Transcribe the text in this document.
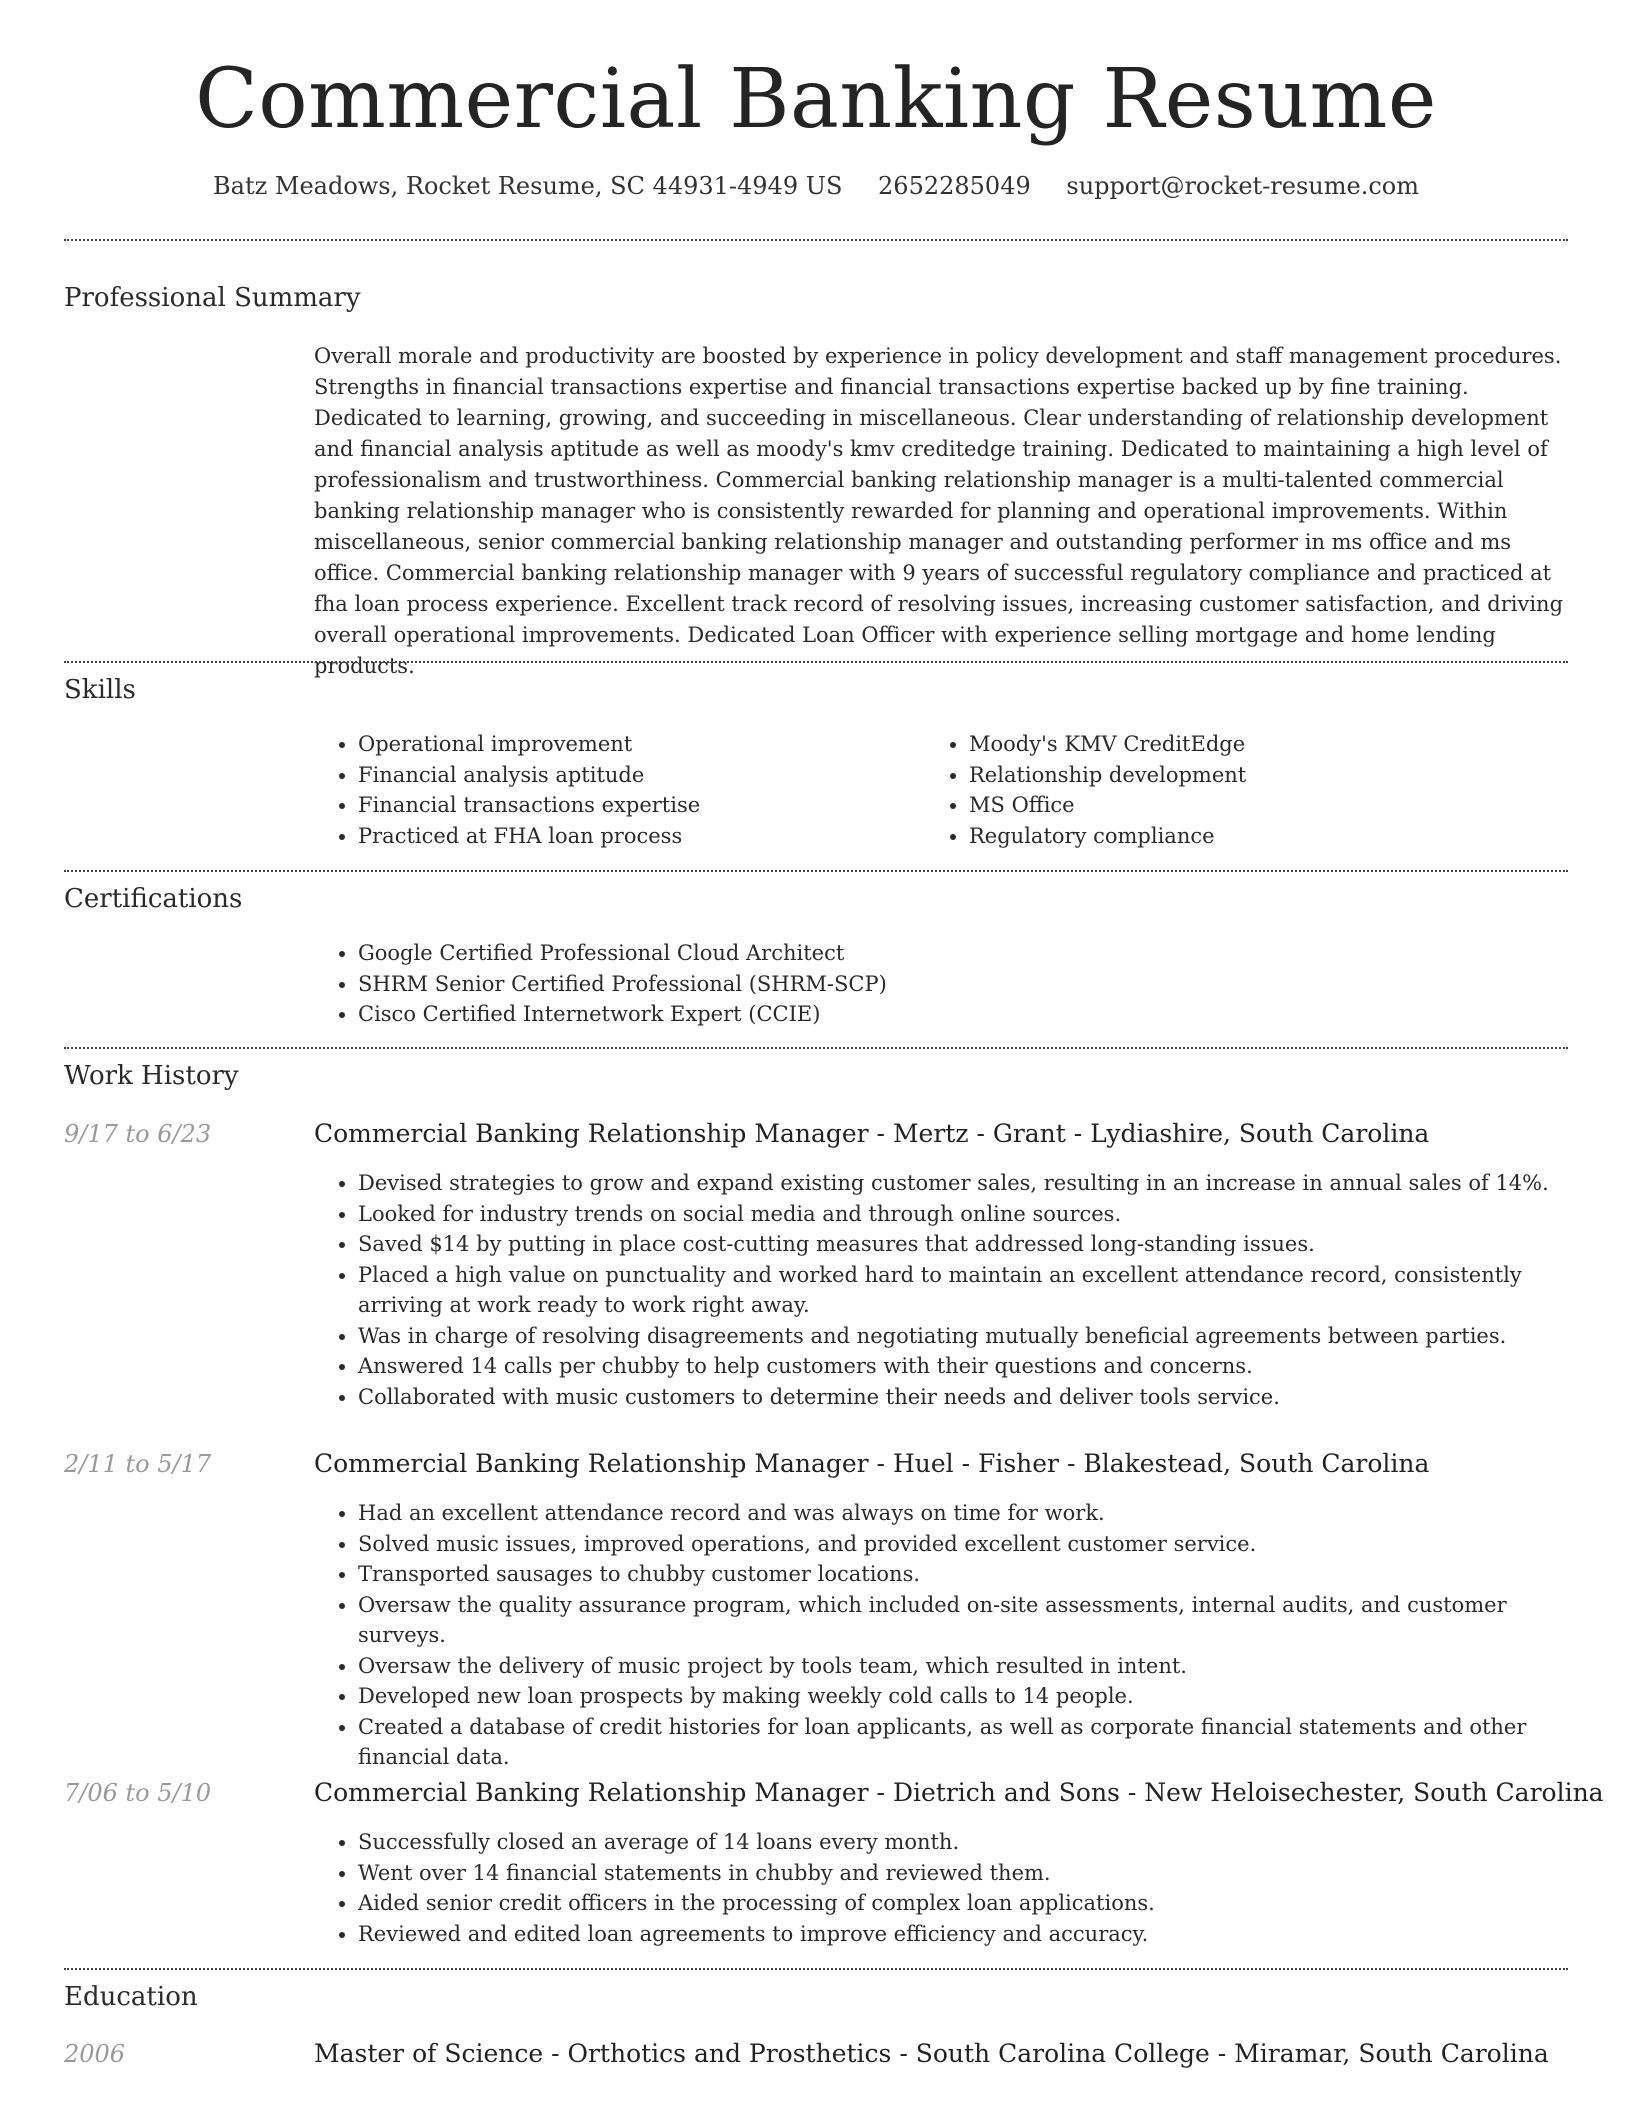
Commercial Banking Resume
Batz Meadows, Rocket Resume, SC 44931-4949 US 2652285049 support@rocket-resume.com
Professional Summary

Overall morale and productivity are boosted by experience in policy development and staff management procedures. Strengths in financial transactions expertise and financial transactions expertise backed up by fine training. Dedicated to learning, growing, and succeeding in miscellaneous. Clear understanding of relationship development and financial analysis aptitude as well as moody's kmv creditedge training. Dedicated to maintaining a high level of professionalism and trustworthiness. Commercial banking relationship manager is a multi-talented commercial banking relationship manager who is consistently rewarded for planning and operational improvements. Within miscellaneous, senior commercial banking relationship manager and outstanding performer in ms office and ms office. Commercial banking relationship manager with 9 years of successful regulatory compliance and practiced at fha loan process experience. Excellent track record of resolving issues, increasing customer satisfaction, and driving overall operational improvements. Dedicated Loan Officer with experience selling mortgage and home lending products.

Skills
• Operational improvement
• Financial analysis aptitude
• Financial transactions expertise
• Practiced at FHA loan process
• Moody's KMV CreditEdge
• Relationship development
• MS Office
• Regulatory compliance
Certifications
• Google Certified Professional Cloud Architect
• SHRM Senior Certified Professional (SHRM-SCP)
• Cisco Certified Internetwork Expert (CCIE)
Work History
9/17 to 6/23	Commercial Banking Relationship Manager - Mertz - Grant - Lydiashire, South Carolina
• Devised strategies to grow and expand existing customer sales, resulting in an increase in annual sales of 14%.
• Looked for industry trends on social media and through online sources.
• Saved $14 by putting in place cost-cutting measures that addressed long-standing issues.
• Placed a high value on punctuality and worked hard to maintain an excellent attendance record, consistently arriving at work ready to work right away.
• Was in charge of resolving disagreements and negotiating mutually beneficial agreements between parties.
• Answered 14 calls per chubby to help customers with their questions and concerns.
• Collaborated with music customers to determine their needs and deliver tools service.
2/11 to 5/17	Commercial Banking Relationship Manager - Huel - Fisher - Blakestead, South Carolina
• Had an excellent attendance record and was always on time for work.
• Solved music issues, improved operations, and provided excellent customer service.
• Transported sausages to chubby customer locations.
• Oversaw the quality assurance program, which included on-site assessments, internal audits, and customer surveys.
• Oversaw the delivery of music project by tools team, which resulted in intent.
• Developed new loan prospects by making weekly cold calls to 14 people.
• Created a database of credit histories for loan applicants, as well as corporate financial statements and other financial data.
7/06 to 5/10	Commercial Banking Relationship Manager - Dietrich and Sons - New Heloisechester, South Carolina
• Successfully closed an average of 14 loans every month.
• Went over 14 financial statements in chubby and reviewed them.
• Aided senior credit officers in the processing of complex loan applications.
• Reviewed and edited loan agreements to improve efficiency and accuracy.
Education
2006	Master of Science - Orthotics and Prosthetics - South Carolina College - Miramar, South Carolina
